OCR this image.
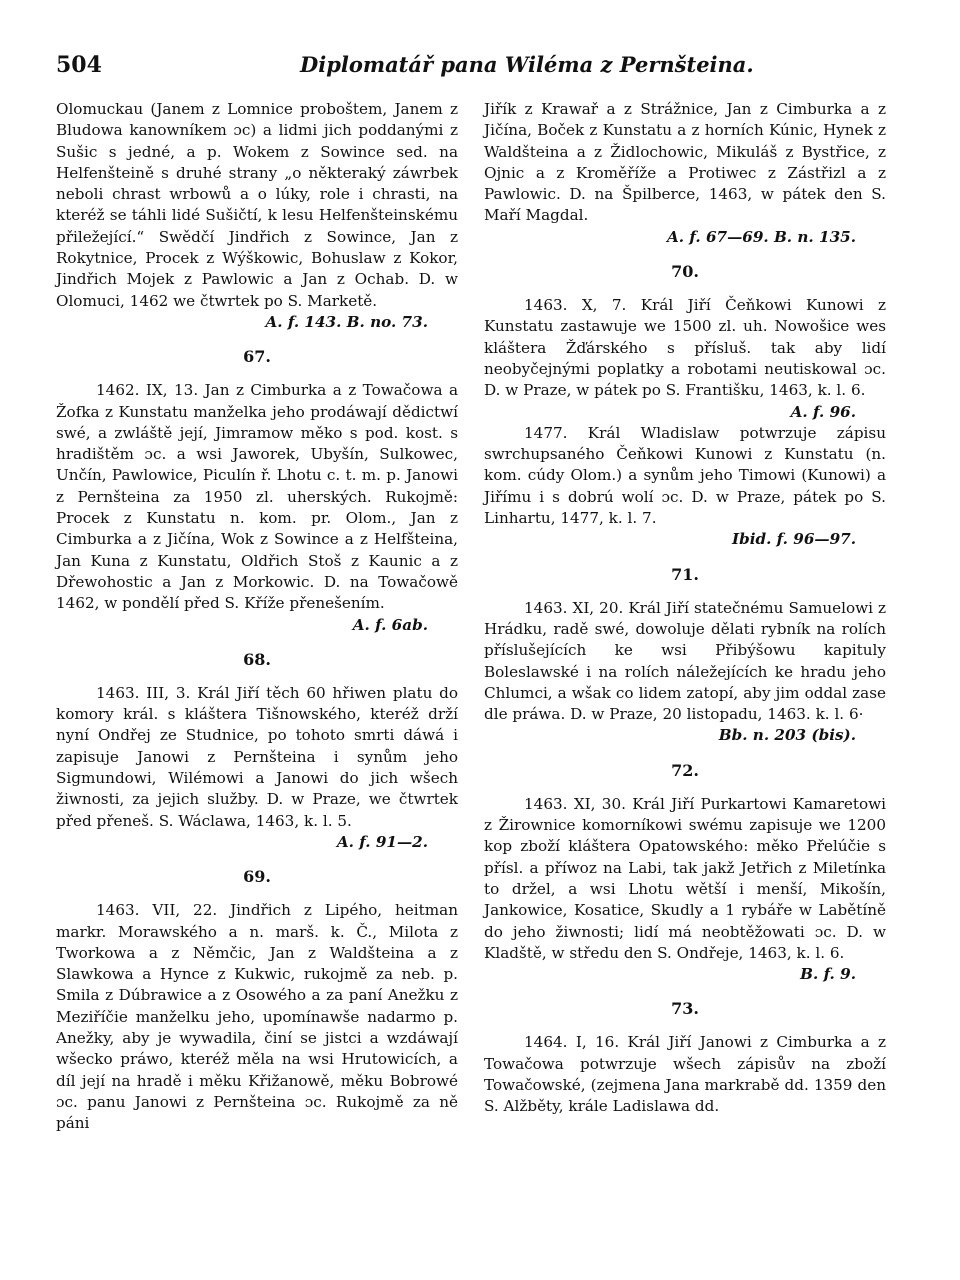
504	Diplomatář pana Wiléma z Pernšteina.
Olomuckau (Janem z Lomnice proboštem, Janem z Bludowa kanowníkem ɔc) a lidmi jich poddanými z Sušic s jedné, a p. Wokem z Sowince sed. na Helfenšteině s druhé strany „o některaký záwrbek neboli chrast wrbowů a o lúky, role i chrasti, na kteréž se táhli lidé Sušičtí, k lesu Helfenšteinskému přiležející.“ Swědčí Jindřich z Sowince, Jan z Rokytnice, Procek z Wýškowic, Bohuslaw z Kokor, Jindřich Mojek z Pawlowic a Jan z Ochab. D. w Olomuci, 1462 we čtwrtek po S. Marketě.
A. f. 143. B. no. 73.
67.
1462. IX, 13. Jan z Cimburka a z Towačowa a Žofka z Kunstatu manželka jeho prodáwají dědictwí swé, a zwláště její, Jimramow měko s pod. kost. s hradištěm ɔc. a wsi Jaworek, Ubyšín, Sulkowec, Unčín, Pawlowice, Piculín ř. Lhotu c. t. m. p. Janowi z Pernšteina za 1950 zl. uherských. Rukojmě: Procek z Kunstatu n. kom. pr. Olom., Jan z Cimburka a z Jičína, Wok z Sowince a z Helfšteina, Jan Kuna z Kunstatu, Oldřich Stoš z Kaunic a z Dřewohostic a Jan z Morkowic. D. na Towačowě 1462, w pondělí před S. Kříže přenešením.
A. f. 6ab.
68.
1463. III, 3. Král Jiří těch 60 hřiwen platu do komory král. s kláštera Tišnowského, kteréž drží nyní Ondřej ze Studnice, po tohoto smrti dáwá i zapisuje Janowi z Pernšteina i synům jeho Sigmundowi, Wilémowi a Janowi do jich wšech žiwnosti, za jejich služby. D. w Praze, we čtwrtek před přeneš. S. Wáclawa, 1463, k. l. 5.
A. f. 91—2.
69.
1463. VII, 22. Jindřich z Lipého, heitman markr. Morawského a n. marš. k. Č., Milota z Tworkowa a z Němčic, Jan z Waldšteina a z Slawkowa a Hynce z Kukwic, rukojmě za neb. p. Smila z Dúbrawice a z Osowého a za paní Anežku z Meziříčie manželku jeho, upomínawše nadarmo p. Anežky, aby je wywadila, činí se jistci a wzdáwají wšecko práwo, kteréž měla na wsi Hrutowicích, a díl její na hradě i měku Křižanowě, měku Bobrowé ɔc. panu Janowi z Pernšteina ɔc. Rukojmě za ně páni
Jiřík z Krawař a z Strážnice, Jan z Cimburka a z Jičína, Boček z Kunstatu a z horních Kúnic, Hynek z Waldšteina a z Židlochowic, Mikuláš z Bystřice, z Ojnic a z Kroměříže a Protiwec z Zástřizl a z Pawlowic. D. na Špilberce, 1463, w pátek den S. Maří Magdal.
A. f. 67—69. B. n. 135.
70.
1463. X, 7. Král Jiří Čeňkowi Kunowi z Kunstatu zastawuje we 1500 zl. uh. Nowošice wes kláštera Žďárského s přísluš. tak aby lidí neobyčejnými poplatky a robotami neutiskowal ɔc. D. w Praze, w pátek po S. Františku, 1463, k. l. 6.
A. f. 96.
1477. Král Wladislaw potwrzuje zápisu swrchupsaného Čeňkowi Kunowi z Kunstatu (n. kom. cúdy Olom.) a synům jeho Timowi (Kunowi) a Jiřímu i s dobrú wolí ɔc. D. w Praze, pátek po S. Linhartu, 1477, k. l. 7.
Ibid. f. 96—97.
71.
1463. XI, 20. Král Jiří statečnému Samuelowi z Hrádku, radě swé, dowoluje dělati rybník na rolích příslušejících ke wsi Přibýšowu kapituly Boleslawské i na rolích náležejících ke hradu jeho Chlumci, a wšak co lidem zatopí, aby jim oddal zase dle práwa. D. w Praze, 20 listopadu, 1463. k. l. 6·
Bb. n. 203 (bis).
72.
1463. XI, 30. Král Jiří Purkartowi Kamaretowi z Žirownice komorníkowi swému zapisuje we 1200 kop zboží kláštera Opatowského: měko Přelúčie s přísl. a příwoz na Labi, tak jakž Jetřich z Miletínka to držel, a wsi Lhotu wětší i menší, Mikošín, Jankowice, Kosatice, Skudly a 1 rybáře w Labětíně do jeho žiwnosti; lidí má neobtěžowati ɔc. D. w Kladště, w středu den S. Ondřeje, 1463, k. l. 6.
B. f. 9.
73.
1464. I, 16. Král Jiří Janowi z Cimburka a z Towačowa potwrzuje wšech zápisův na zboží Towačowské, (zejmena Jana markrabě dd. 1359 den S. Alžběty, krále Ladislawa dd.
